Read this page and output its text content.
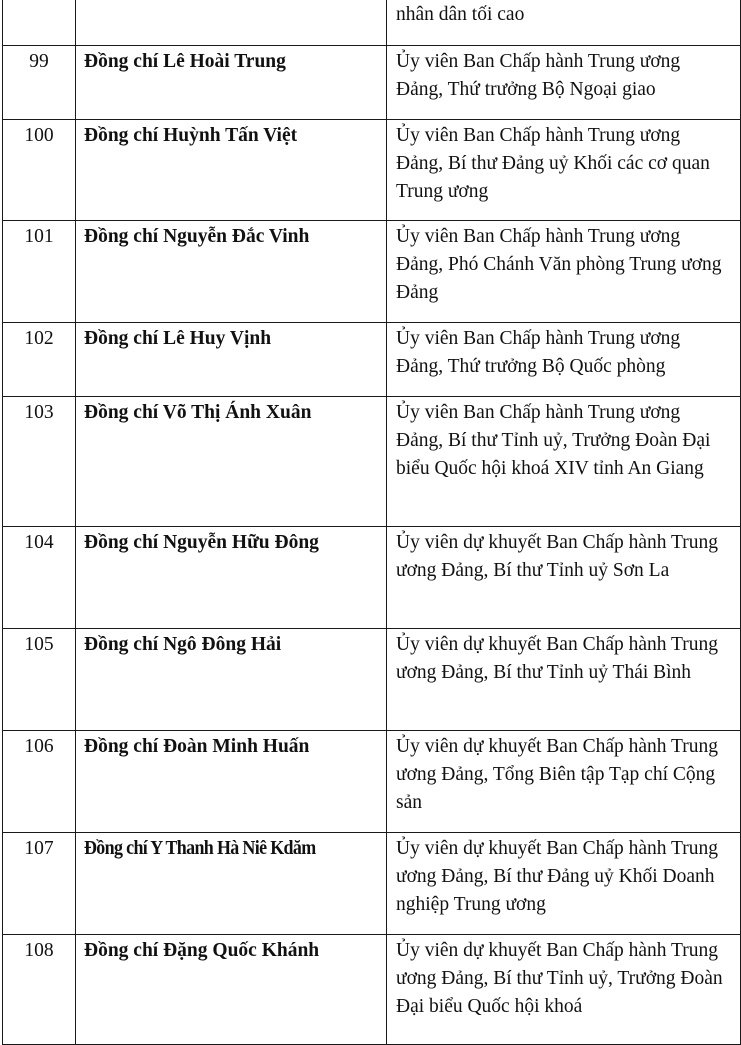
		nhân dân tối cao
99	Đồng chí Lê Hoài Trung	Ủy viên Ban Chấp hành Trung ương Đảng, Thứ trưởng Bộ Ngoại giao
100	Đồng chí Huỳnh Tấn Việt	Ủy viên Ban Chấp hành Trung ương Đảng, Bí thư Đảng uỷ Khối các cơ quan Trung ương
101	Đồng chí Nguyễn Đắc Vinh	Ủy viên Ban Chấp hành Trung ương Đảng, Phó Chánh Văn phòng Trung ương Đảng
102	Đồng chí Lê Huy Vịnh	Ủy viên Ban Chấp hành Trung ương Đảng, Thứ trưởng Bộ Quốc phòng
103	Đồng chí Võ Thị Ánh Xuân	Ủy viên Ban Chấp hành Trung ương Đảng, Bí thư Tỉnh uỷ, Trưởng Đoàn Đại biểu Quốc hội khoá XIV tỉnh An Giang
104	Đồng chí Nguyễn Hữu Đông	Ủy viên dự khuyết Ban Chấp hành Trung ương Đảng, Bí thư Tỉnh uỷ Sơn La
105	Đồng chí Ngô Đông Hải	Ủy viên dự khuyết Ban Chấp hành Trung ương Đảng, Bí thư Tỉnh uỷ Thái Bình
106	Đồng chí Đoàn Minh Huấn	Ủy viên dự khuyết Ban Chấp hành Trung ương Đảng, Tổng Biên tập Tạp chí Cộng sản
107	Đồng chí Y Thanh Hà Niê Kdăm	Ủy viên dự khuyết Ban Chấp hành Trung ương Đảng, Bí thư Đảng uỷ Khối Doanh nghiệp Trung ương
108	Đồng chí Đặng Quốc Khánh	Ủy viên dự khuyết Ban Chấp hành Trung ương Đảng, Bí thư Tỉnh uỷ, Trưởng Đoàn Đại biểu Quốc hội khoá
